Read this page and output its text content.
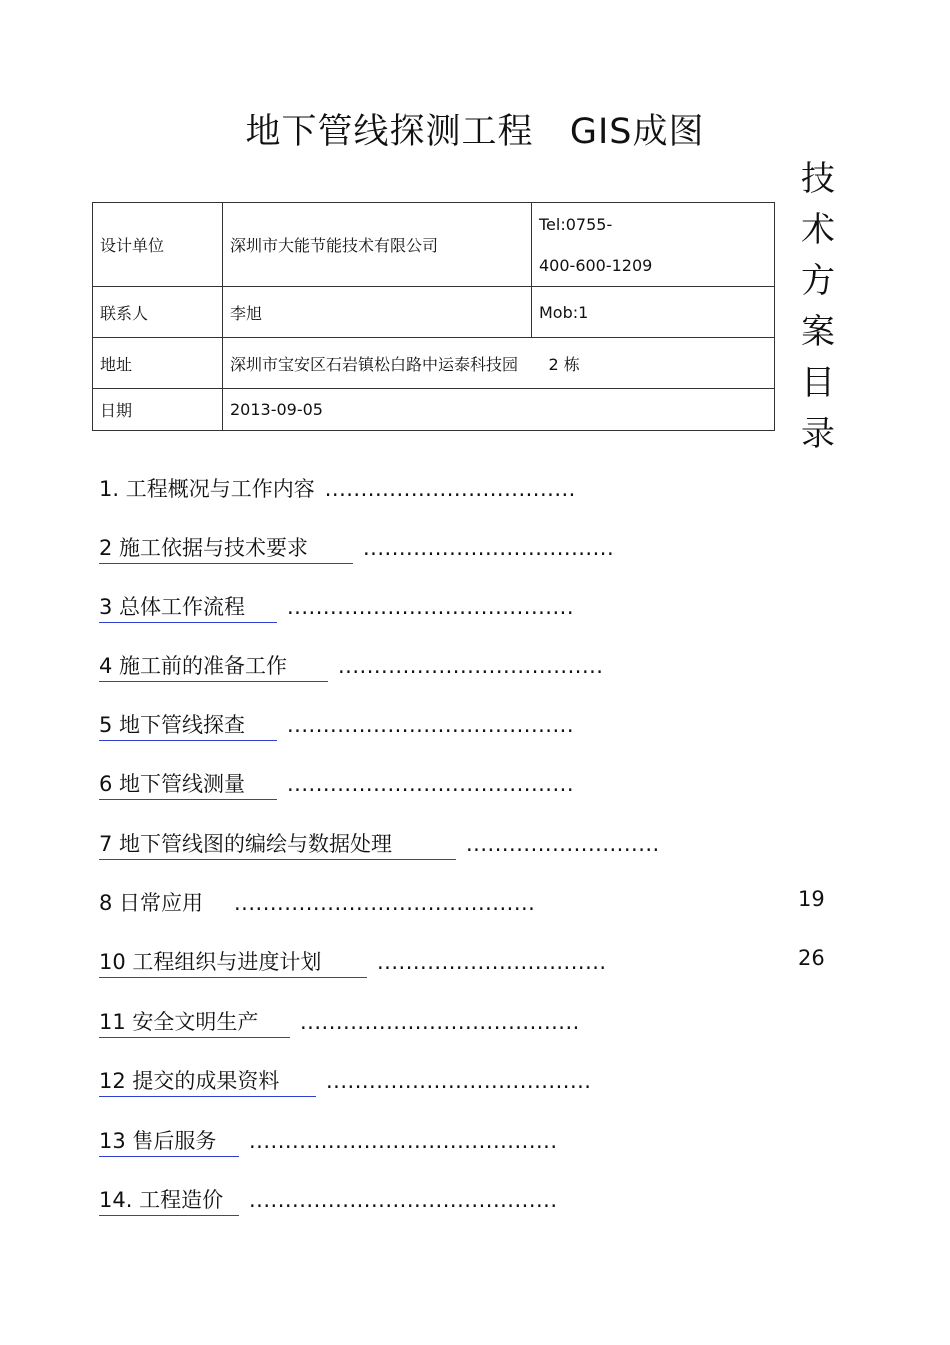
地下管线探测工程   GIS成图
技
术
方
案
目
录
设计单位	深圳市大能节能技术有限公司	Tel:0755-
400-600-1209

联系人	李旭	Mob:1
地址	深圳市宝安区石岩镇松白路中运泰科技园      2 栋	
日期	2013-09-05	
1. 工程概况与工作内容 ...................................
2 施工依据与技术要求	...................................
3 总体工作流程 ........................................
4 施工前的准备工作 .....................................
5 地下管线探查 ........................................
6 地下管线测量 ........................................
7 地下管线图的编绘与数据处理	...........................
8 日常应用 ..........................................	19
10 工程组织与进度计划	................................	26
11 安全文明生产 .......................................
12 提交的成果资料 .....................................
13 售后服务 ...........................................
14. 工程造价 ...........................................
